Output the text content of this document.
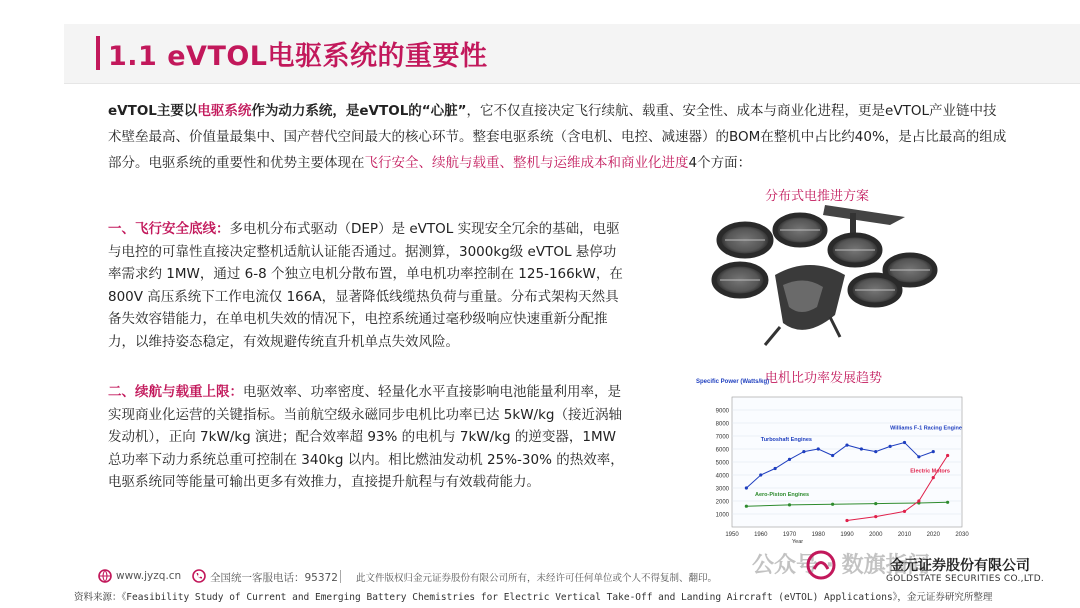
1.1 eVTOL电驱系统的重要性
eVTOL主要以电驱系统作为动力系统，是eVTOL的“心脏”，它不仅直接决定飞行续航、载重、安全性、成本与商业化进程，更是eVTOL产业链中技术壁垒最高、价值量最集中、国产替代空间最大的核心环节。整套电驱系统（含电机、电控、减速器）的BOM在整机中占比约40%，是占比最高的组成部分。电驱系统的重要性和优势主要体现在飞行安全、续航与载重、整机与运维成本和商业化进度4个方面：
一、飞行安全底线：多电机分布式驱动（DEP）是 eVTOL 实现安全冗余的基础，电驱与电控的可靠性直接决定整机适航认证能否通过。据测算，3000kg级 eVTOL 悬停功率需求约 1MW，通过 6-8 个独立电机分散布置，单电机功率控制在 125-166kW，在 800V 高压系统下工作电流仅 166A，显著降低线缆热负荷与重量。分布式架构天然具备失效容错能力，在单电机失效的情况下，电控系统通过毫秒级响应快速重新分配推力，以维持姿态稳定，有效规避传统直升机单点失效风险。
二、续航与载重上限：电驱效率、功率密度、轻量化水平直接影响电池能量利用率，是实现商业化运营的关键指标。当前航空级永磁同步电机比功率已达 5kW/kg（接近涡轴发动机），正向 7kW/kg 演进；配合效率超 93% 的电机与 7kW/kg 的逆变器，1MW 总功率下动力系统总重可控制在 340kg 以内。相比燃油发动机 25%-30% 的热效率，电驱系统同等能量可输出更多有效推力，直接提升航程与有效载荷能力。
分布式电推进方案
电机比功率发展趋势
1000
2000
3000
4000
5000
6000
7000
8000
9000
1950	1960	1970	1980	1990	2000	2010	2020	2030
Specific Power (Watts/kg)
Year
Turboshaft Engines
Aero-Piston Engines
Electric Motors
Williams F-1 Racing Engine
www.jyzq.cn	全国统一客服电话：95372 此文件版权归金元证券股份有限公司所有，未经许可任何单位或个人不得复制、翻印。
公众号 · 数旗指闻
金元证券股份有限公司
GOLDSTATE SECURITIES CO.,LTD.
资料来源：《Feasibility Study of Current and Emerging Battery Chemistries for Electric Vertical Take-Off and Landing Aircraft (eVTOL) Applications》，金元证券研究所整理
